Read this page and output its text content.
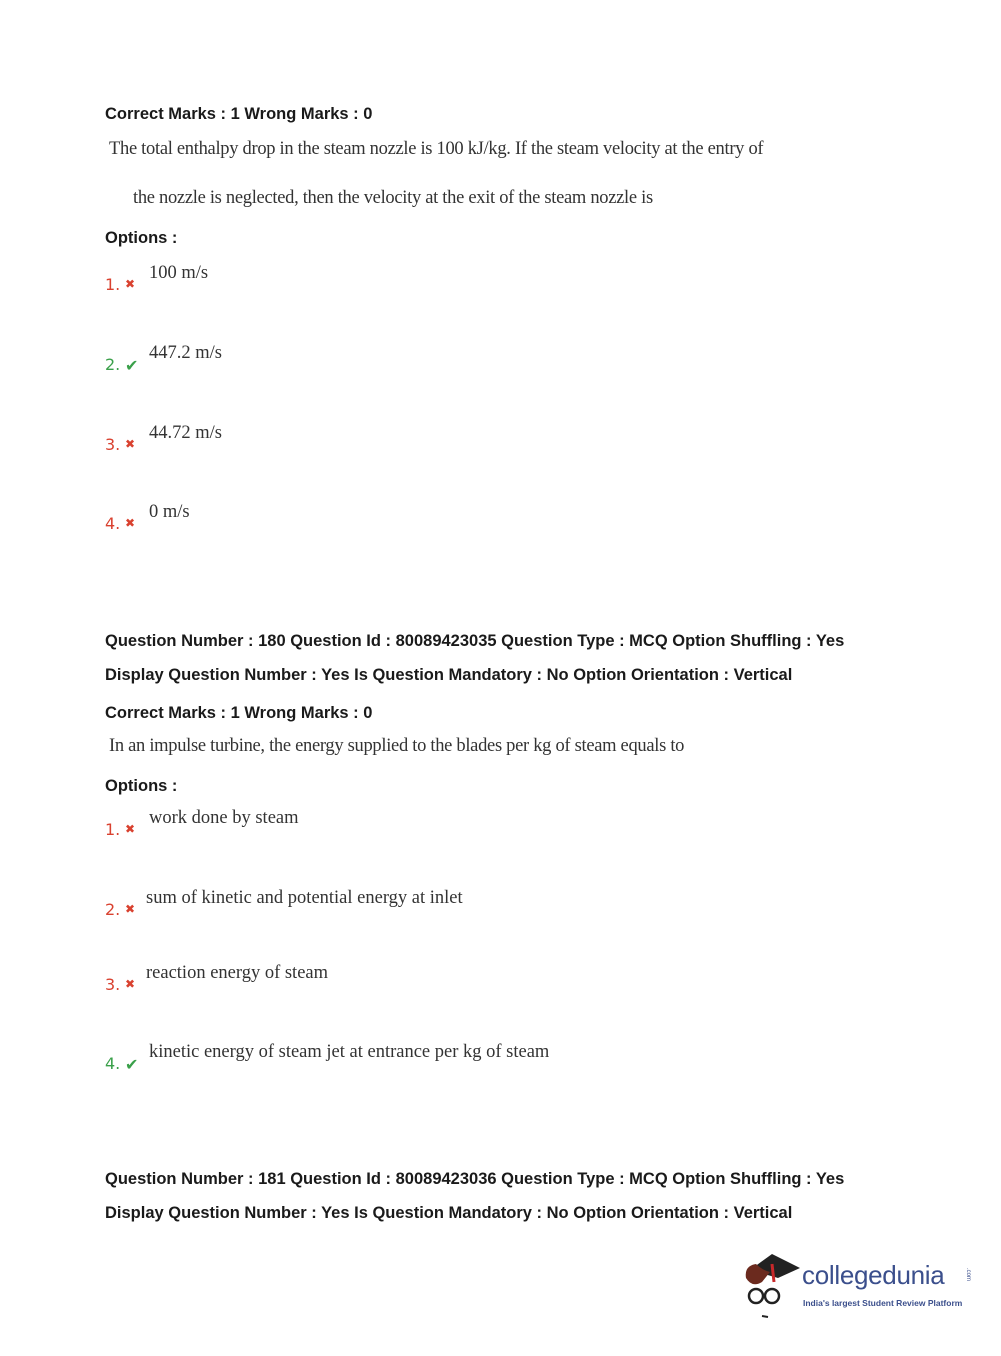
Correct Marks : 1 Wrong Marks : 0
The total enthalpy drop in the steam nozzle is 100 kJ/kg. If the steam velocity at the entry of
the nozzle is neglected, then the velocity at the exit of the steam nozzle is
Options :
1. ✖
100 m/s
2. ✔
447.2 m/s
3. ✖
44.72 m/s
4. ✖
0 m/s
Question Number : 180 Question Id : 80089423035 Question Type : MCQ Option Shuffling : Yes
Display Question Number : Yes Is Question Mandatory : No Option Orientation : Vertical
Correct Marks : 1 Wrong Marks : 0
In an impulse turbine, the energy supplied to the blades per kg of steam equals to
Options :
1. ✖
work done by steam
2. ✖
sum of kinetic and potential energy at inlet
3. ✖
reaction energy of steam
4. ✔
kinetic energy of steam jet at entrance per kg of steam
Question Number : 181 Question Id : 80089423036 Question Type : MCQ Option Shuffling : Yes
Display Question Number : Yes Is Question Mandatory : No Option Orientation : Vertical
collegedunia	.com
India's largest Student Review Platform
